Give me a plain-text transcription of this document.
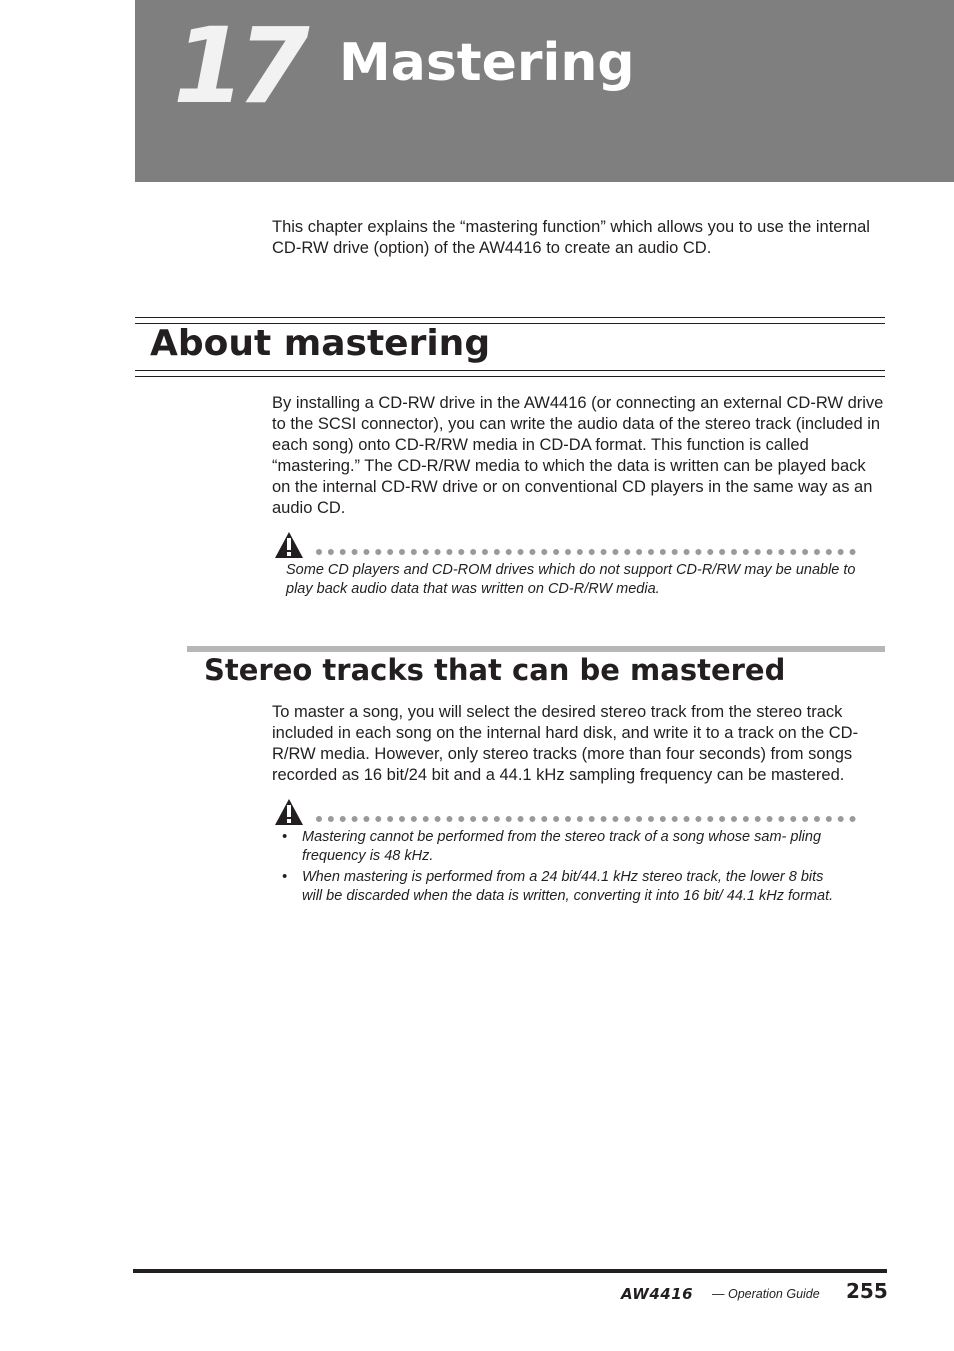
17 Mastering

This chapter explains the “mastering function” which allows you to use the internal CD-RW drive (option) of the AW4416 to create an audio CD.

About mastering

By installing a CD-RW drive in the AW4416 (or connecting an external CD-RW drive to the SCSI connector), you can write the audio data of the stereo track (included in each song) onto CD-R/RW media in CD-DA format. This function is called “mastering.” The CD-R/RW media to which the data is written can be played back on the internal CD-RW drive or on conventional CD players in the same way as an audio CD.

Some CD players and CD-ROM drives which do not support CD-R/RW may be unable to play back audio data that was written on CD-R/RW media.

Stereo tracks that can be mastered

To master a song, you will select the desired stereo track from the stereo track included in each song on the internal hard disk, and write it to a track on the CD-R/RW media. However, only stereo tracks (more than four seconds) from songs recorded as 16 bit/24 bit and a 44.1 kHz sampling frequency can be mastered.

• Mastering cannot be performed from the stereo track of a song whose sam- pling frequency is 48 kHz.
• When mastering is performed from a 24 bit/44.1 kHz stereo track, the lower 8 bits will be discarded when the data is written, converting it into 16 bit/ 44.1 kHz format.
AW4416 — Operation Guide 255
